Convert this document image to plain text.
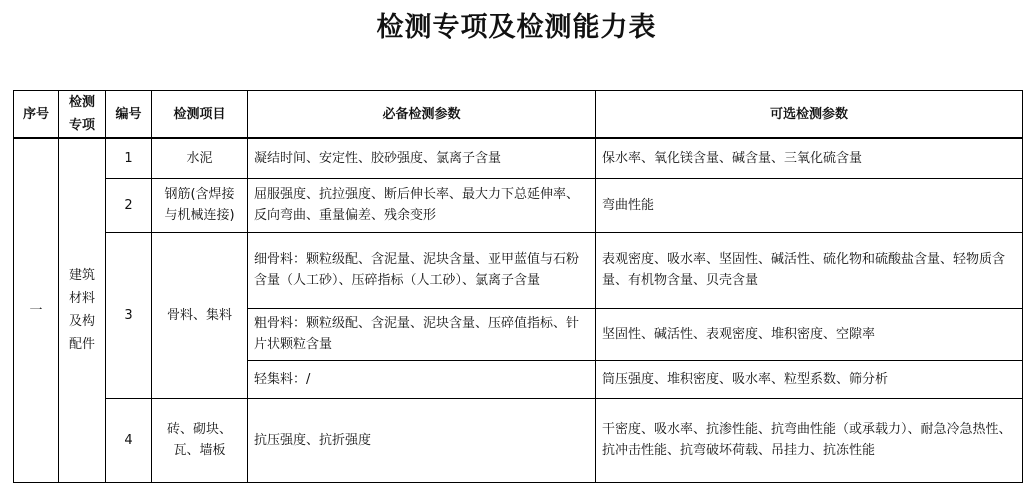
检测专项及检测能力表
序号	检测专项	编号	检测项目	必备检测参数	可选检测参数
一	建筑材料及构配件	1	水泥	凝结时间、安定性、胶砂强度、氯离子含量	保水率、氧化镁含量、碱含量、三氧化硫含量
		2	钢筋(含焊接与机械连接)	屈服强度、抗拉强度、断后伸长率、最大力下总延伸率、反向弯曲、重量偏差、残余变形	弯曲性能
		3	骨料、集料	细骨料：颗粒级配、含泥量、泥块含量、亚甲蓝值与石粉含量（人工砂）、压碎指标（人工砂）、氯离子含量	表观密度、吸水率、坚固性、碱活性、硫化物和硫酸盐含量、轻物质含量、有机物含量、贝壳含量
				粗骨料：颗粒级配、含泥量、泥块含量、压碎值指标、针片状颗粒含量	坚固性、碱活性、表观密度、堆积密度、空隙率
				轻集料：/	筒压强度、堆积密度、吸水率、粒型系数、筛分析
		4	砖、砌块、瓦、墙板	抗压强度、抗折强度	干密度、吸水率、抗渗性能、抗弯曲性能（或承载力）、耐急冷急热性、抗冲击性能、抗弯破坏荷载、吊挂力、抗冻性能
